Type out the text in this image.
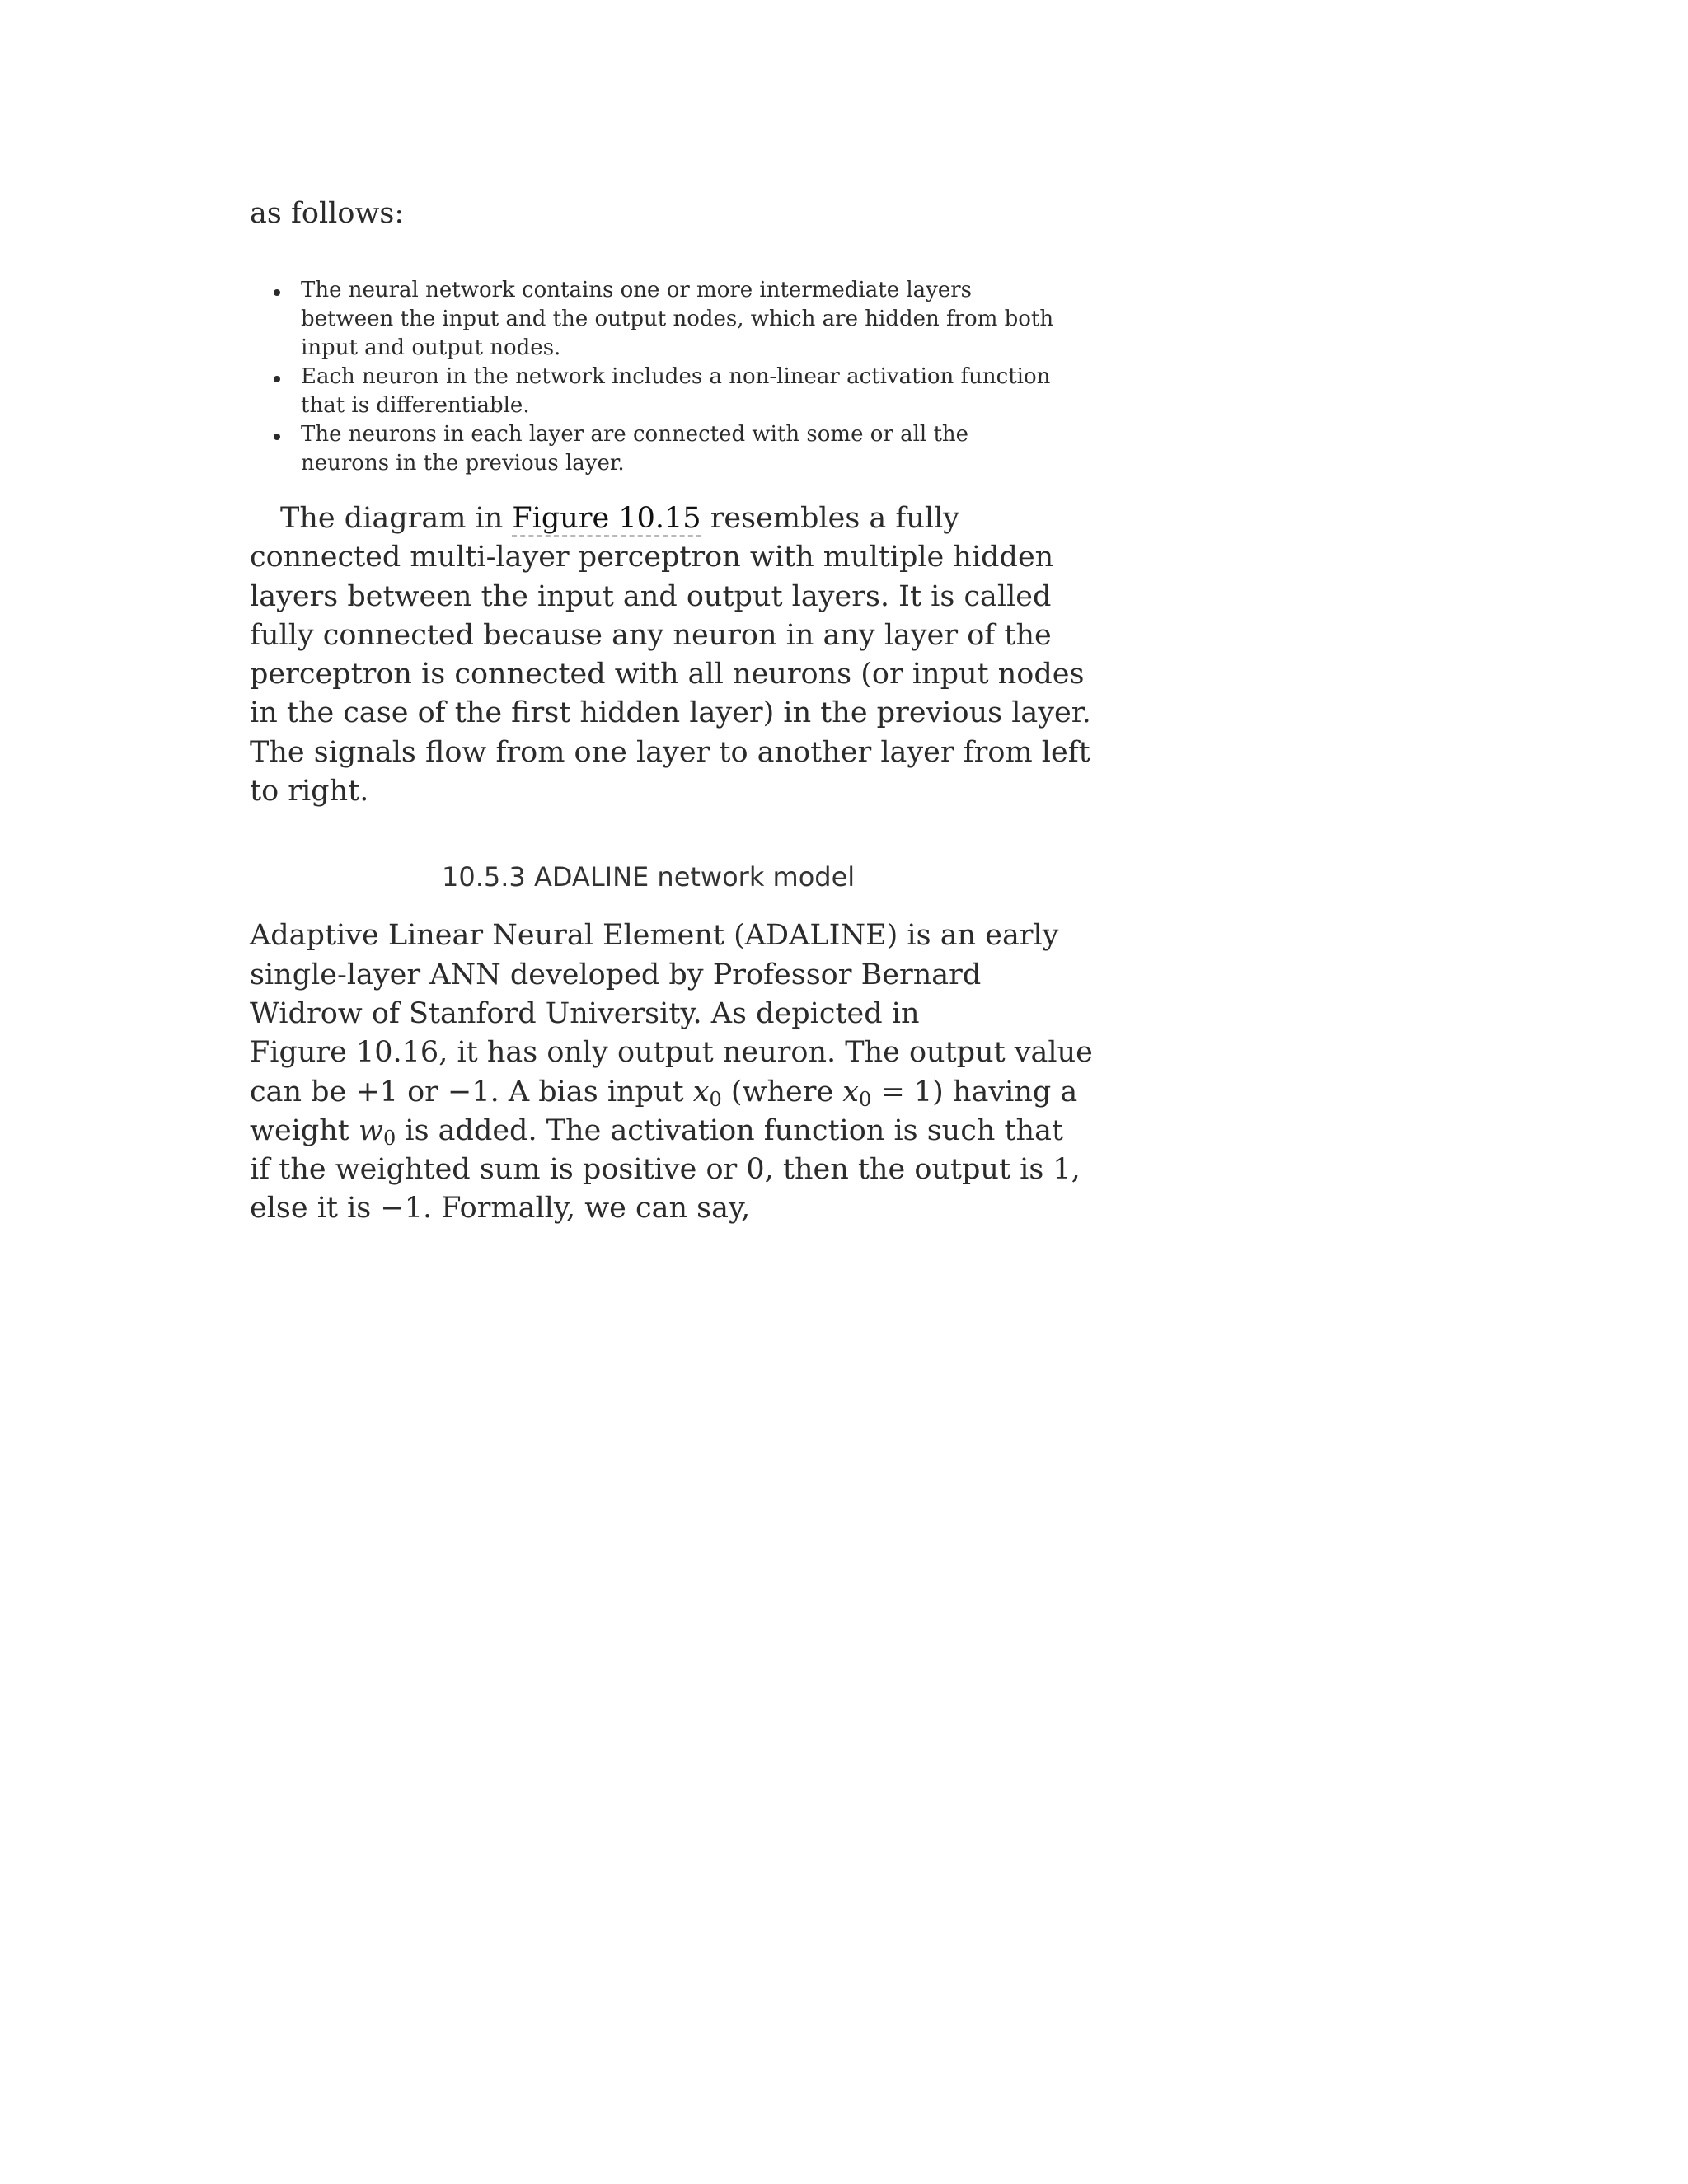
as follows:

The neural network contains one or more intermediate layers
between the input and the output nodes, which are hidden from both
input and output nodes.
Each neuron in the network includes a non-linear activation function
that is differentiable.
The neurons in each layer are connected with some or all the
neurons in the previous layer.

The diagram in Figure 10.15 resembles a fully
connected multi-layer perceptron with multiple hidden
layers between the input and output layers. It is called
fully connected because any neuron in any layer of the
perceptron is connected with all neurons (or input nodes
in the case of the first hidden layer) in the previous layer.
The signals flow from one layer to another layer from left
to right.

10.5.3 ADALINE network model

Adaptive Linear Neural Element (ADALINE) is an early
single-layer ANN developed by Professor Bernard
Widrow of Stanford University. As depicted in
Figure 10.16, it has only output neuron. The output value
can be +1 or −1. A bias input $x_0$ (where $x_0 = 1$) having a
weight $w_0$ is added. The activation function is such that
if the weighted sum is positive or 0, then the output is 1,
else it is −1. Formally, we can say,
